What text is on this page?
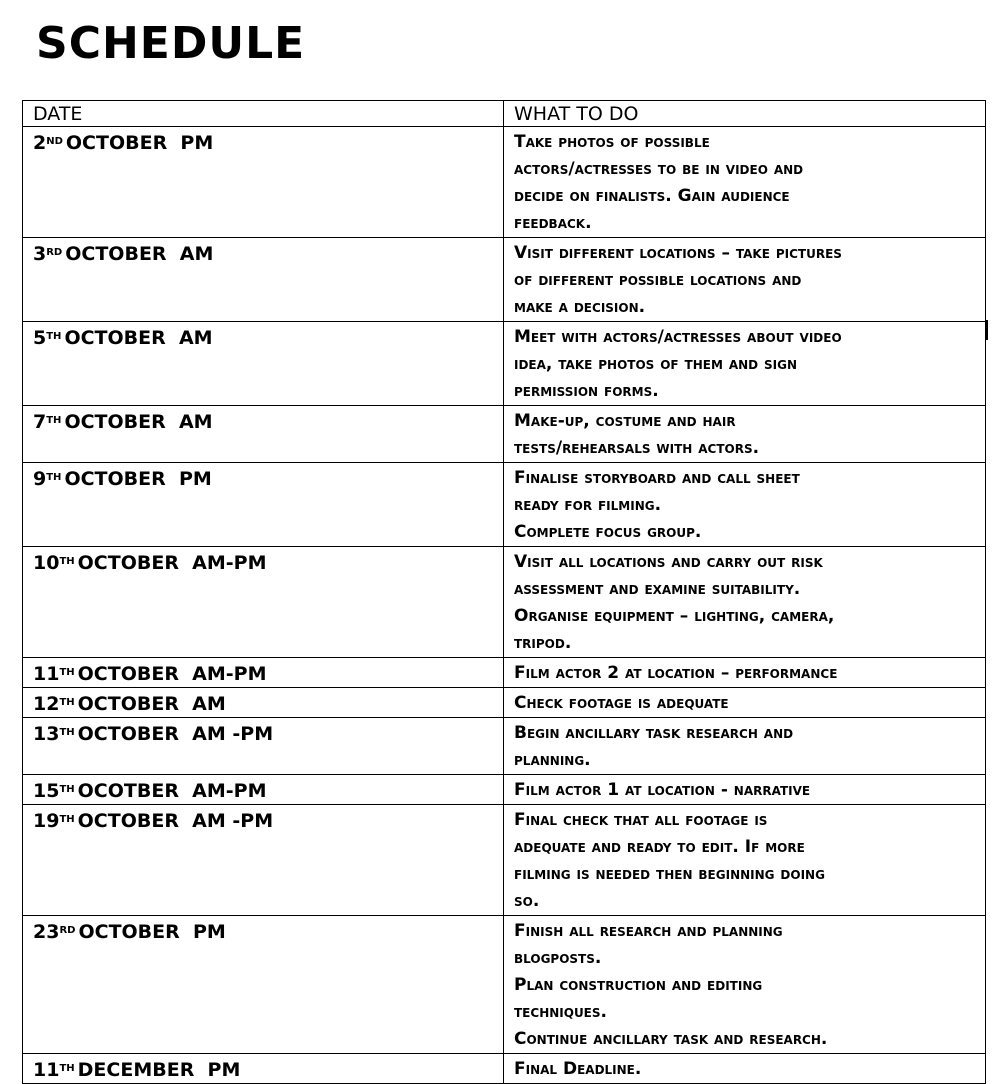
SCHEDULE
DATE	WHAT TO DO
2ND OCTOBER  PM	Take photos of possible
actors/actresses to be in video and
decide on finalists. Gain audience
feedback.

3RD OCTOBER  AM	Visit different locations – take pictures
of different possible locations and
make a decision.

5TH OCTOBER  AM	Meet with actors/actresses about video
idea, take photos of them and sign
permission forms.

7TH OCTOBER  AM	Make-up, costume and hair
tests/rehearsals with actors.

9TH OCTOBER  PM	Finalise storyboard and call sheet
ready for filming.
Complete focus group.

10TH OCTOBER  AM-PM	Visit all locations and carry out risk
assessment and examine suitability.
Organise equipment – lighting, camera,
tripod.

11TH OCTOBER  AM-PM	Film actor 2 at location – performance

12TH OCTOBER  AM	Check footage is adequate

13TH OCTOBER  AM -PM	Begin ancillary task research and
planning.

15TH OCOTBER  AM-PM	Film actor 1 at location - narrative

19TH OCTOBER  AM -PM	Final check that all footage is
adequate and ready to edit. If more
filming is needed then beginning doing
so.

23RD OCTOBER  PM	Finish all research and planning
blogposts.
Plan construction and editing
techniques.
Continue ancillary task and research.

11TH DECEMBER  PM	Final Deadline.
